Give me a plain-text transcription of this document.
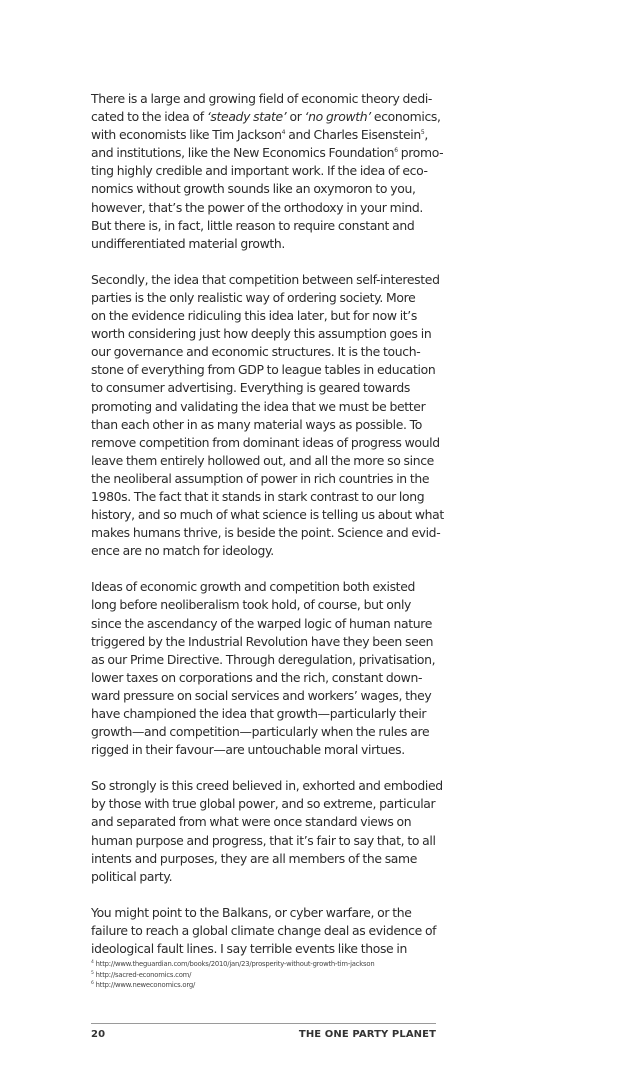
There is a large and growing field of economic theory dedi-
cated to the idea of ‘steady state’ or ‘no growth’ economics,
with economists like Tim Jackson$^4$ and Charles Eisenstein$^5$,
and institutions, like the New Economics Foundation$^6$ promo-
ting highly credible and important work. If the idea of eco-
nomics without growth sounds like an oxymoron to you,
however, that’s the power of the orthodoxy in your mind.
But there is, in fact, little reason to require constant and
undifferentiated material growth.

Secondly, the idea that competition between self-interested
parties is the only realistic way of ordering society. More
on the evidence ridiculing this idea later, but for now it’s
worth considering just how deeply this assumption goes in
our governance and economic structures. It is the touch-
stone of everything from GDP to league tables in education
to consumer advertising. Everything is geared towards
promoting and validating the idea that we must be better
than each other in as many material ways as possible. To
remove competition from dominant ideas of progress would
leave them entirely hollowed out, and all the more so since
the neoliberal assumption of power in rich countries in the
1980s. The fact that it stands in stark contrast to our long
history, and so much of what science is telling us about what
makes humans thrive, is beside the point. Science and evid-
ence are no match for ideology.

Ideas of economic growth and competition both existed
long before neoliberalism took hold, of course, but only
since the ascendancy of the warped logic of human nature
triggered by the Industrial Revolution have they been seen
as our Prime Directive. Through deregulation, privatisation,
lower taxes on corporations and the rich, constant down-
ward pressure on social services and workers’ wages, they
have championed the idea that growth—particularly their
growth—and competition—particularly when the rules are
rigged in their favour—are untouchable moral virtues.

So strongly is this creed believed in, exhorted and embodied
by those with true global power, and so extreme, particular
and separated from what were once standard views on
human purpose and progress, that it’s fair to say that, to all
intents and purposes, they are all members of the same
political party.

You might point to the Balkans, or cyber warfare, or the
failure to reach a global climate change deal as evidence of
ideological fault lines. I say terrible events like those in

$^4$ http://www.theguardian.com/books/2010/jan/23/prosperity-without-growth-tim-jackson
$^5$ http://sacred-economics.com/
$^6$ http://www.neweconomics.org/
20	THE ONE PARTY PLANET
